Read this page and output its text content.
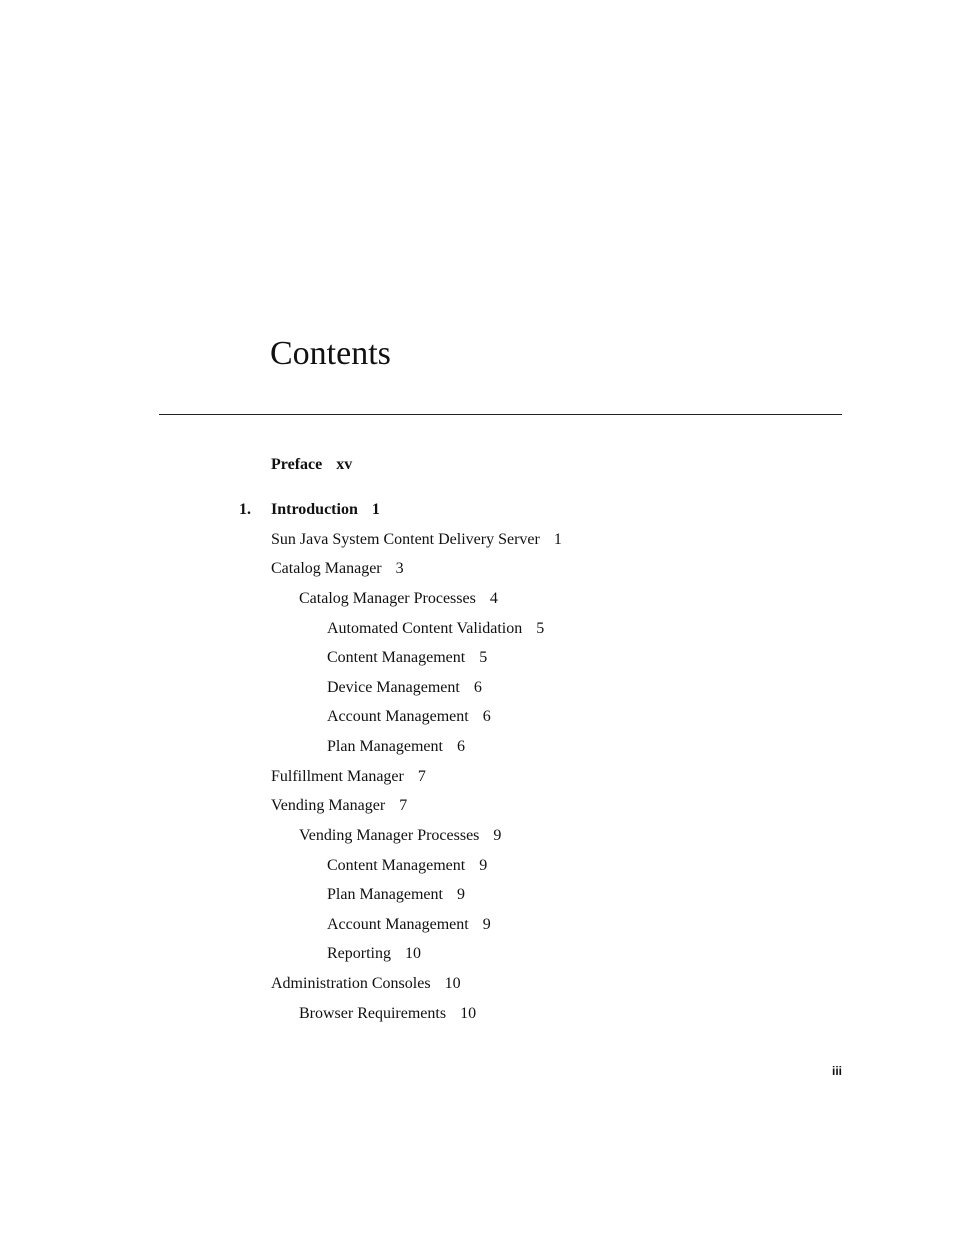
Contents
Preface xv
1. Introduction 1
Sun Java System Content Delivery Server 1
Catalog Manager 3
Catalog Manager Processes 4
Automated Content Validation 5
Content Management 5
Device Management 6
Account Management 6
Plan Management 6
Fulfillment Manager 7
Vending Manager 7
Vending Manager Processes 9
Content Management 9
Plan Management 9
Account Management 9
Reporting 10
Administration Consoles 10
Browser Requirements 10
iii
